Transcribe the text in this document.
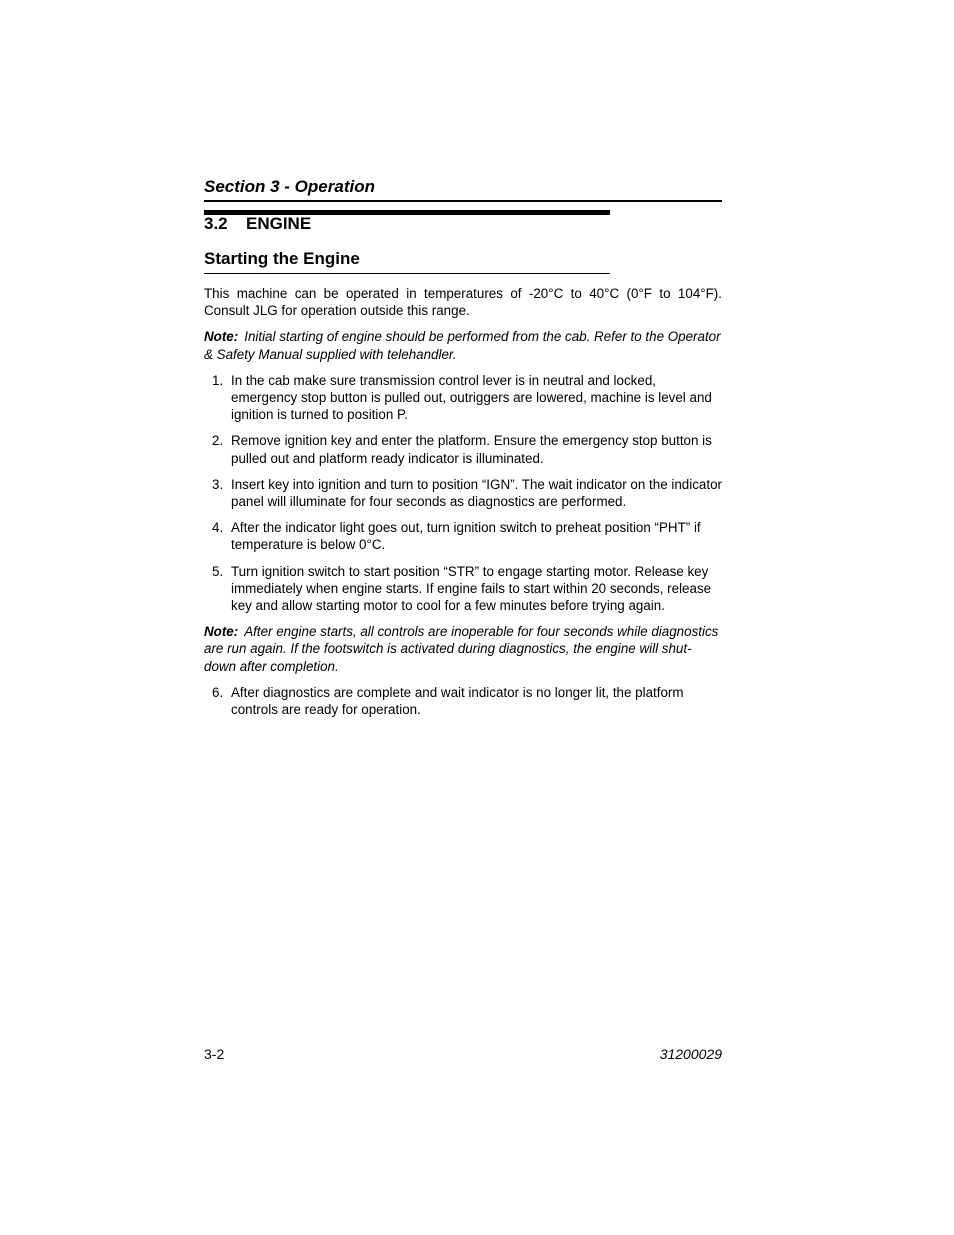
Section 3 - Operation
3.2 ENGINE
Starting the Engine

This machine can be operated in temperatures of -20°C to 40°C (0°F to 104°F). Consult JLG for operation outside this range.

Note: Initial starting of engine should be performed from the cab. Refer to the Operator & Safety Manual supplied with telehandler.

1. In the cab make sure transmission control lever is in neutral and locked, emergency stop button is pulled out, outriggers are lowered, machine is level and ignition is turned to position P.
2. Remove ignition key and enter the platform. Ensure the emergency stop button is pulled out and platform ready indicator is illuminated.
3. Insert key into ignition and turn to position “IGN”. The wait indicator on the indicator panel will illuminate for four seconds as diagnostics are performed.
4. After the indicator light goes out, turn ignition switch to preheat position “PHT” if temperature is below 0°C.
5. Turn ignition switch to start position “STR” to engage starting motor. Release key immediately when engine starts. If engine fails to start within 20 seconds, release key and allow starting motor to cool for a few minutes before trying again.

Note: After engine starts, all controls are inoperable for four seconds while diagnostics are run again. If the footswitch is activated during diagnostics, the engine will shut-down after completion.

6. After diagnostics are complete and wait indicator is no longer lit, the platform controls are ready for operation.
3-2	31200029
